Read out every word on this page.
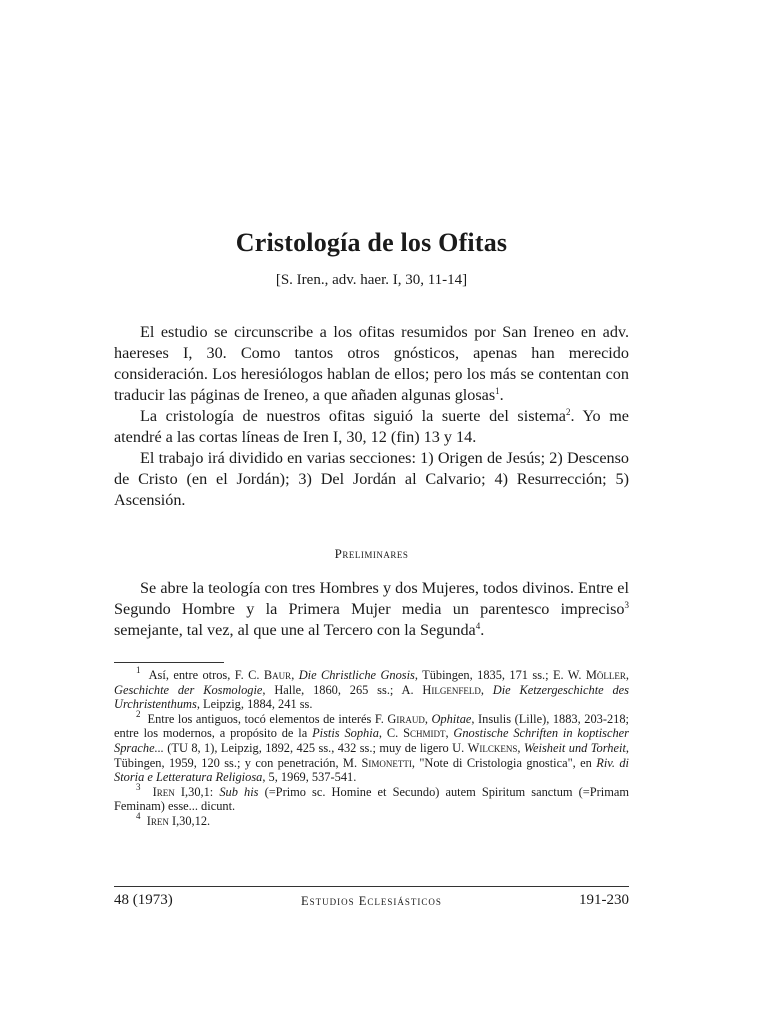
Cristología de los Ofitas
[S. Iren., adv. haer. I, 30, 11-14]

El estudio se circunscribe a los ofitas resumidos por San Ireneo en adv. haereses I, 30. Como tantos otros gnósticos, apenas han merecido consideración. Los heresiólogos hablan de ellos; pero los más se contentan con traducir las páginas de Ireneo, a que añaden algunas glosas$^1$.

La cristología de nuestros ofitas siguió la suerte del sistema$^2$. Yo me atendré a las cortas líneas de Iren I, 30, 12 (fin) 13 y 14.

El trabajo irá dividido en varias secciones: 1) Origen de Jesús; 2) Descenso de Cristo (en el Jordán); 3) Del Jordán al Calvario; 4) Resurrección; 5) Ascensión.

Preliminares

Se abre la teología con tres Hombres y dos Mujeres, todos divinos. Entre el Segundo Hombre y la Primera Mujer media un parentesco impreciso$^3$ semejante, tal vez, al que une al Tercero con la Segunda$^4$.

$^1$ Así, entre otros, F. C. Baur, Die Christliche Gnosis, Tübingen, 1835, 171 ss.; E. W. Möller, Geschichte der Kosmologie, Halle, 1860, 265 ss.; A. Hilgenfeld, Die Ketzergeschichte des Urchristenthums, Leipzig, 1884, 241 ss.

$^2$ Entre los antiguos, tocó elementos de interés F. Giraud, Ophitae, Insulis (Lille), 1883, 203-218; entre los modernos, a propósito de la Pistis Sophia, C. Schmidt, Gnostische Schriften in koptischer Sprache... (TU 8, 1), Leipzig, 1892, 425 ss., 432 ss.; muy de ligero U. Wilckens, Weisheit und Torheit, Tübingen, 1959, 120 ss.; y con penetración, M. Simonetti, "Note di Cristologia gnostica", en Riv. di Storia e Letteratura Religiosa, 5, 1969, 537-541.

$^3$ Iren I,30,1: Sub his (=Primo sc. Homine et Secundo) autem Spiritum sanctum (=Primam Feminam) esse... dicunt.

$^4$ Iren I,30,12.

48 (1973)	Estudios Eclesiásticos	191-230
